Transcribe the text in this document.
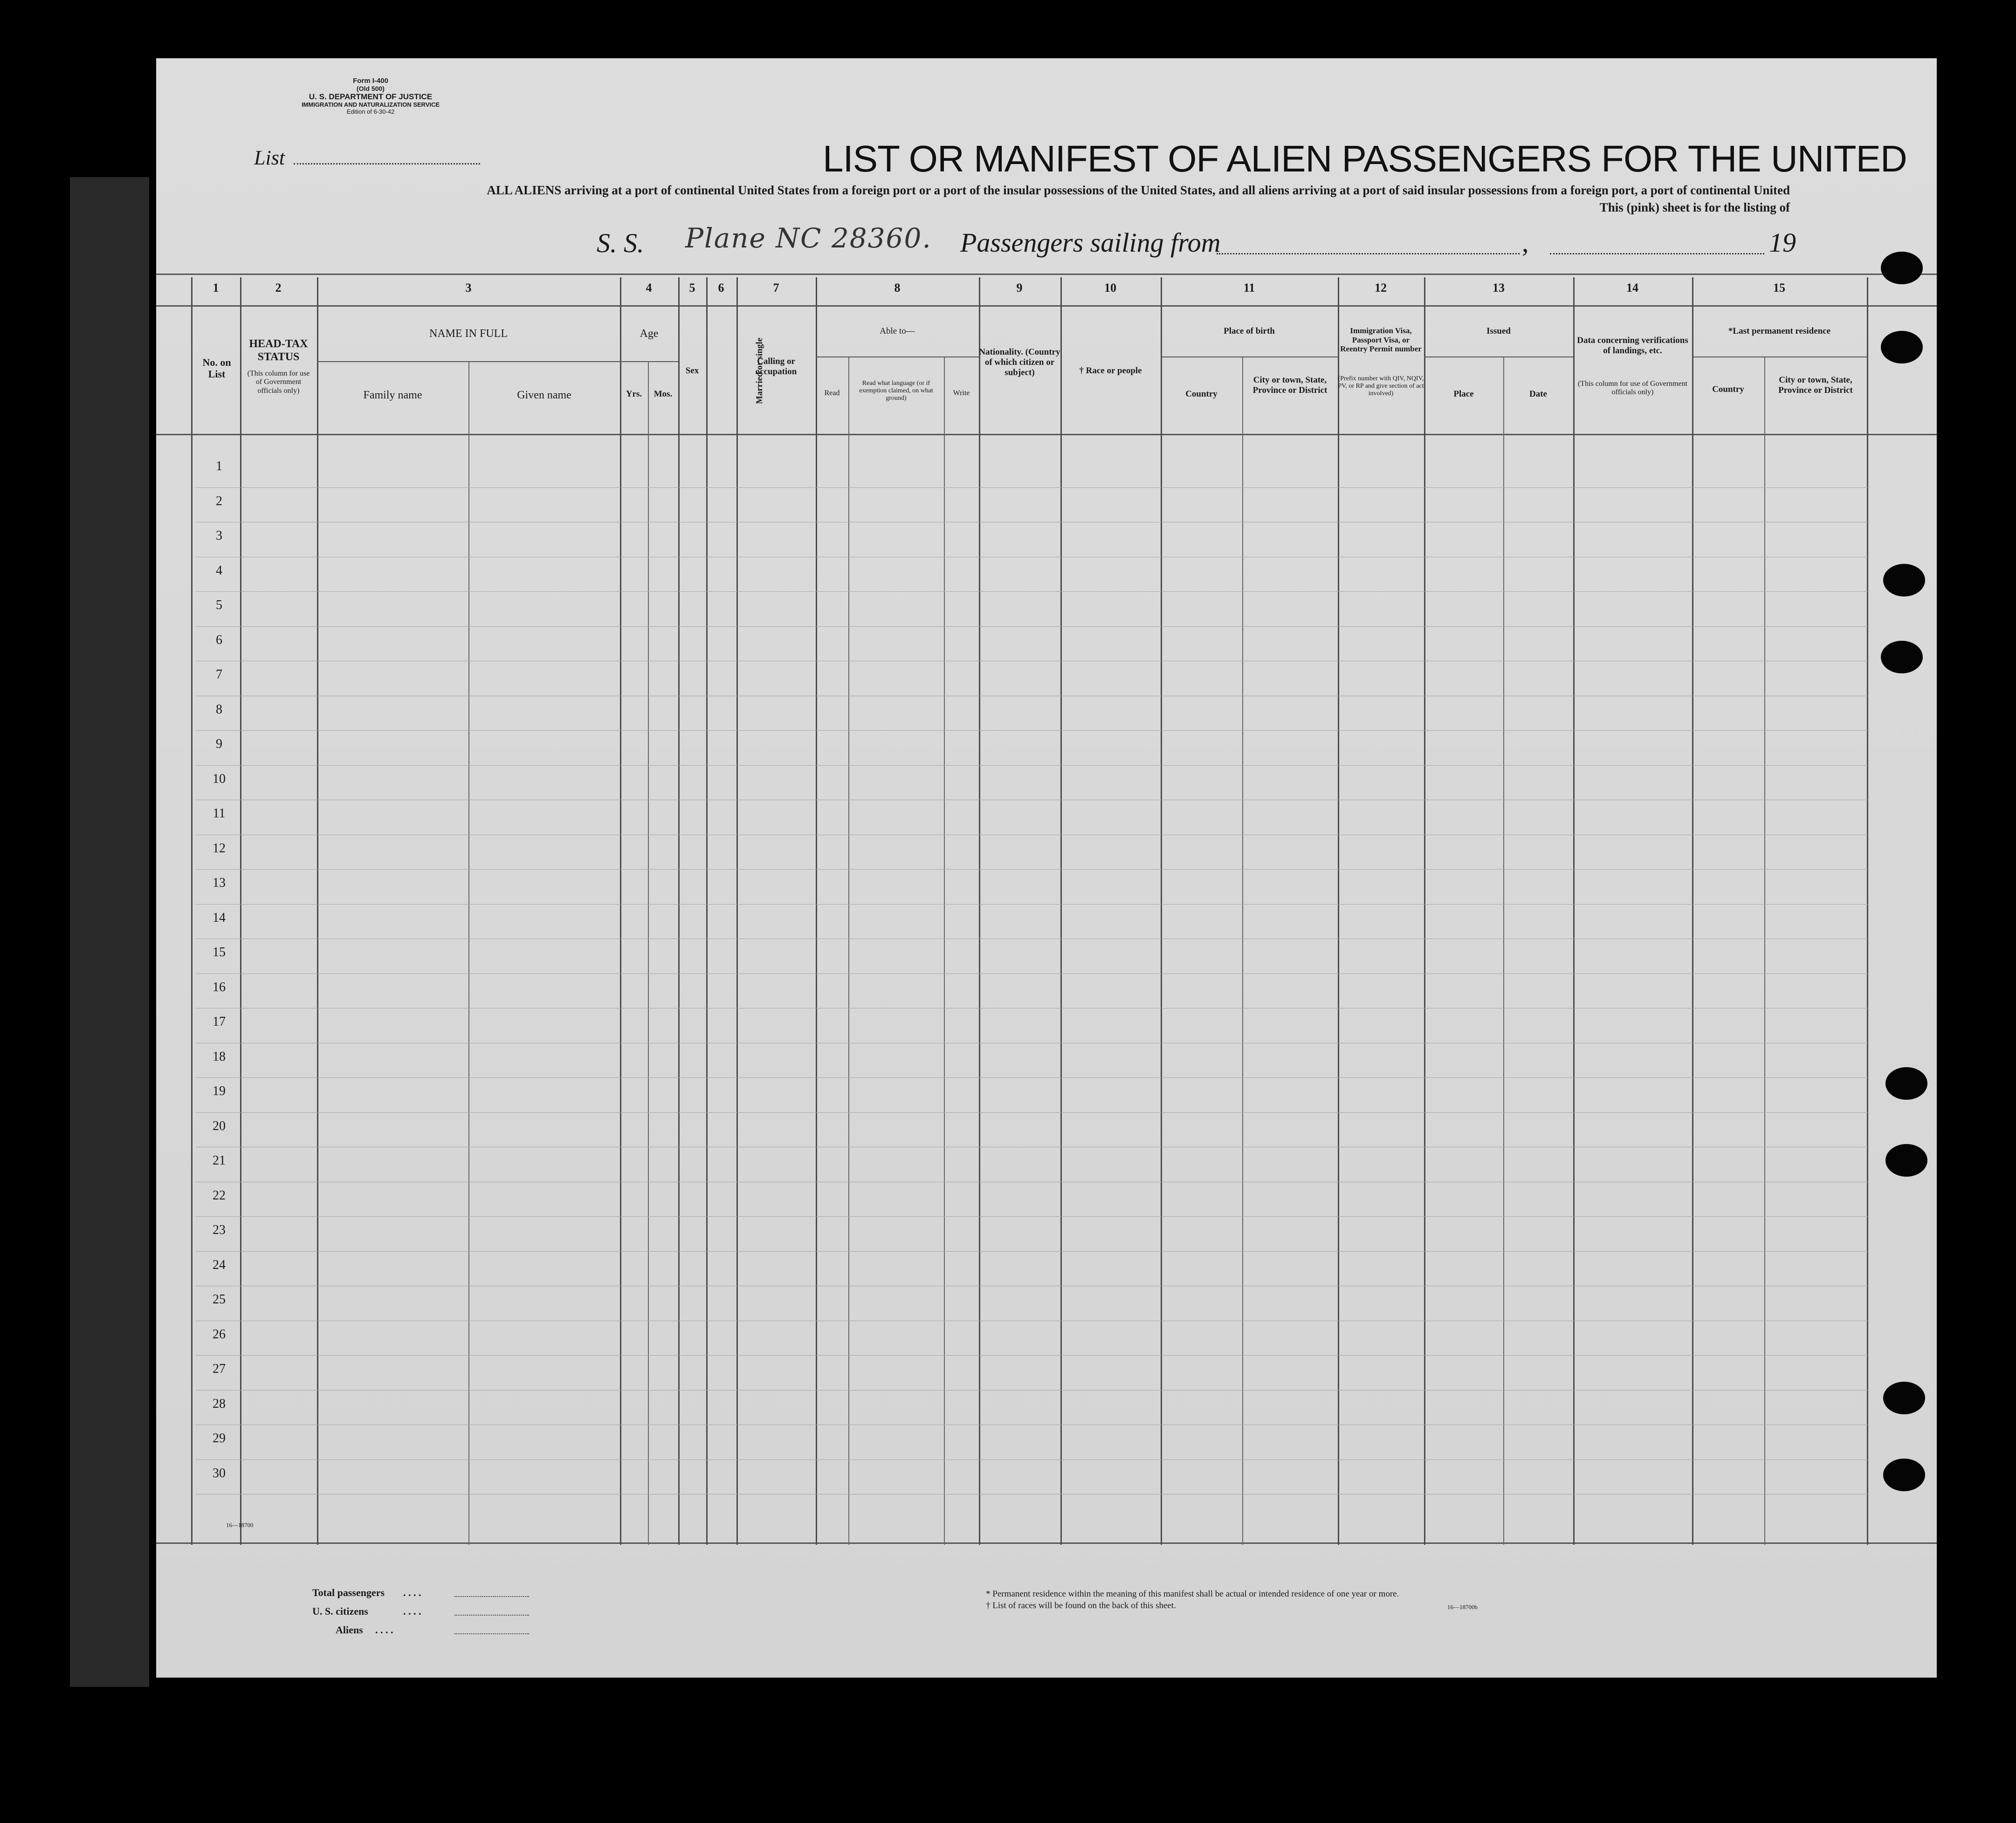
Form I-400
(Old 500)
U. S. DEPARTMENT OF JUSTICE
IMMIGRATION AND NATURALIZATION SERVICE
Edition of 6-30-42
List	LIST OR MANIFEST OF ALIEN PASSENGERS FOR THE UNITED
ALL ALIENS arriving at a port of continental United States from a foreign port or a port of the insular possessions of the United States, and all aliens arriving at a port of said insular possessions from a foreign port, a port of continental United
This (pink) sheet is for the listing of
S. S. Plane NC 28360. Passengers sailing from	,	19
1	2	3	4	5	6	7	8	9	10	11	12	13	14	15
No. on List
HEAD-TAX STATUS
(This column for use of Government officials only)
NAME IN FULL
Family name	Given name
Age
Yrs.	Mos.
Sex	Married or single
Calling or occupation
Able to—
Read
Read what language (or if exemption claimed, on what ground)
Write
Nationality. (Country of which citizen or subject)	† Race or people
Place of birth
Country
City or town, State, Province or District
Immigration Visa, Passport Visa, or Reentry Permit number
(Prefix number with QIV, NQIV, PV, or RP and give section of act involved)
Issued
Place	Date
Data concerning verifications of landings, etc.
(This column for use of Government officials only)
*Last permanent residence
Country
City or town, State, Province or District
16—18700
Total passengers . . . .
U. S. citizens	. . . .
Aliens . . . .
* Permanent residence within the meaning of this manifest shall be actual or intended residence of one year or more.
† List of races will be found on the back of this sheet.	16—18700b
1
2
3
4
5
6
7
8
9
10
11
12
13
14
15
16
17
18
19
20
21
22
23
24
25
26
27
28
29
30
